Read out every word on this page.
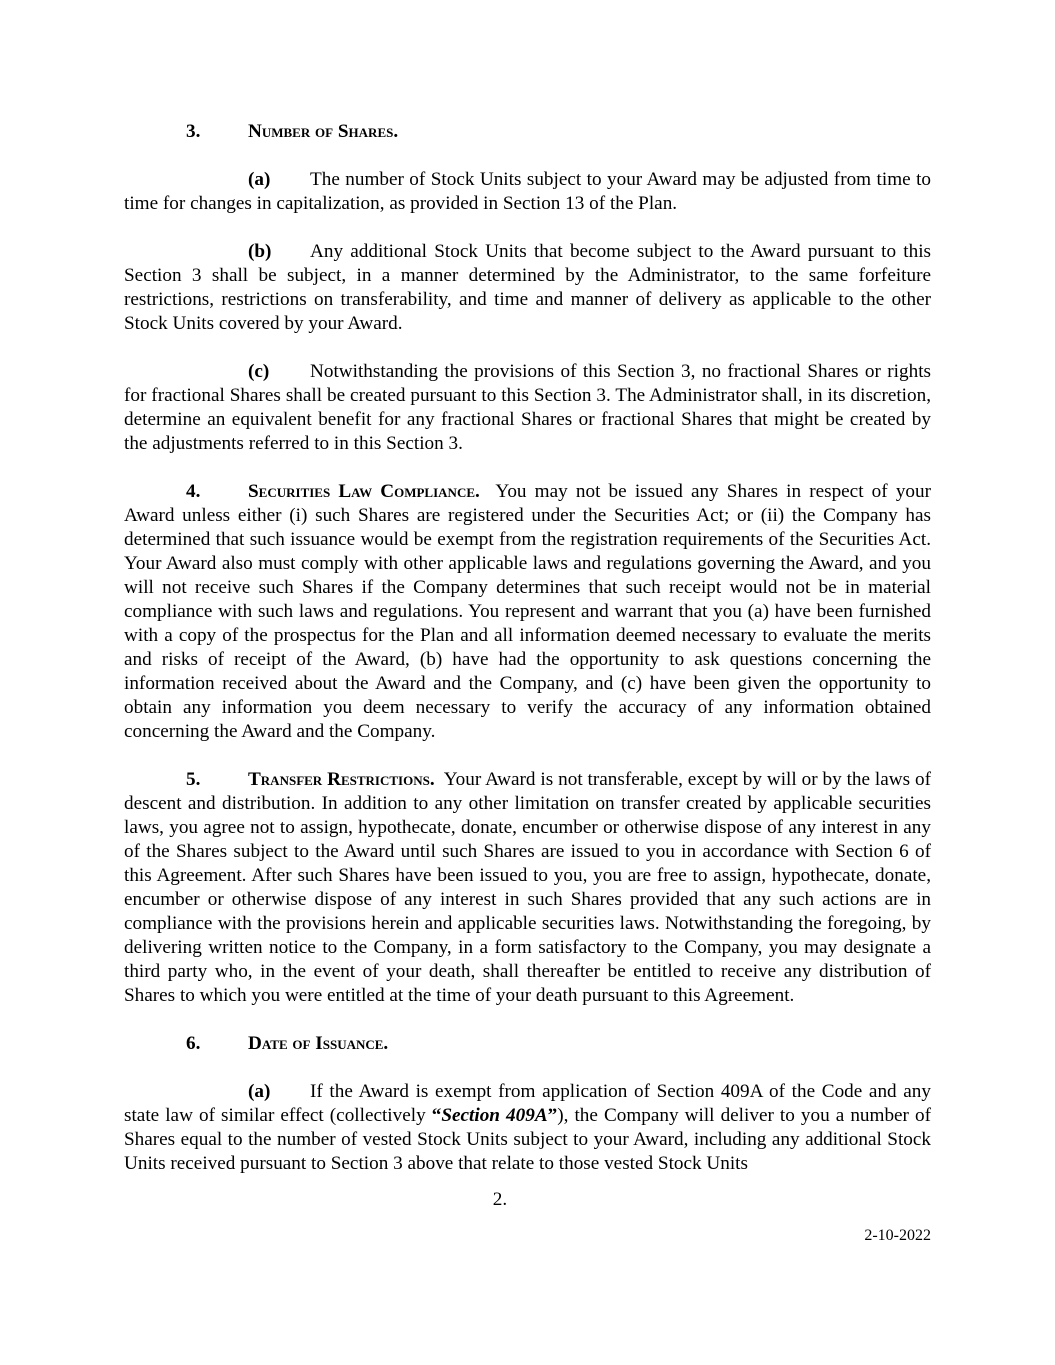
3. Number of Shares.

(a) The number of Stock Units subject to your Award may be adjusted from time to time for changes in capitalization, as provided in Section 13 of the Plan.

(b) Any additional Stock Units that become subject to the Award pursuant to this Section 3 shall be subject, in a manner determined by the Administrator, to the same forfeiture restrictions, restrictions on transferability, and time and manner of delivery as applicable to the other Stock Units covered by your Award.

(c) Notwithstanding the provisions of this Section 3, no fractional Shares or rights for fractional Shares shall be created pursuant to this Section 3. The Administrator shall, in its discretion, determine an equivalent benefit for any fractional Shares or fractional Shares that might be created by the adjustments referred to in this Section 3.

4. Securities Law Compliance. You may not be issued any Shares in respect of your Award unless either (i) such Shares are registered under the Securities Act; or (ii) the Company has determined that such issuance would be exempt from the registration requirements of the Securities Act. Your Award also must comply with other applicable laws and regulations governing the Award, and you will not receive such Shares if the Company determines that such receipt would not be in material compliance with such laws and regulations. You represent and warrant that you (a) have been furnished with a copy of the prospectus for the Plan and all information deemed necessary to evaluate the merits and risks of receipt of the Award, (b) have had the opportunity to ask questions concerning the information received about the Award and the Company, and (c) have been given the opportunity to obtain any information you deem necessary to verify the accuracy of any information obtained concerning the Award and the Company.

5. Transfer Restrictions. Your Award is not transferable, except by will or by the laws of descent and distribution. In addition to any other limitation on transfer created by applicable securities laws, you agree not to assign, hypothecate, donate, encumber or otherwise dispose of any interest in any of the Shares subject to the Award until such Shares are issued to you in accordance with Section 6 of this Agreement. After such Shares have been issued to you, you are free to assign, hypothecate, donate, encumber or otherwise dispose of any interest in such Shares provided that any such actions are in compliance with the provisions herein and applicable securities laws. Notwithstanding the foregoing, by delivering written notice to the Company, in a form satisfactory to the Company, you may designate a third party who, in the event of your death, shall thereafter be entitled to receive any distribution of Shares to which you were entitled at the time of your death pursuant to this Agreement.

6. Date of Issuance.

(a) If the Award is exempt from application of Section 409A of the Code and any state law of similar effect (collectively “Section 409A”), the Company will deliver to you a number of Shares equal to the number of vested Stock Units subject to your Award, including any additional Stock Units received pursuant to Section 3 above that relate to those vested Stock Units

2.
2-10-2022
